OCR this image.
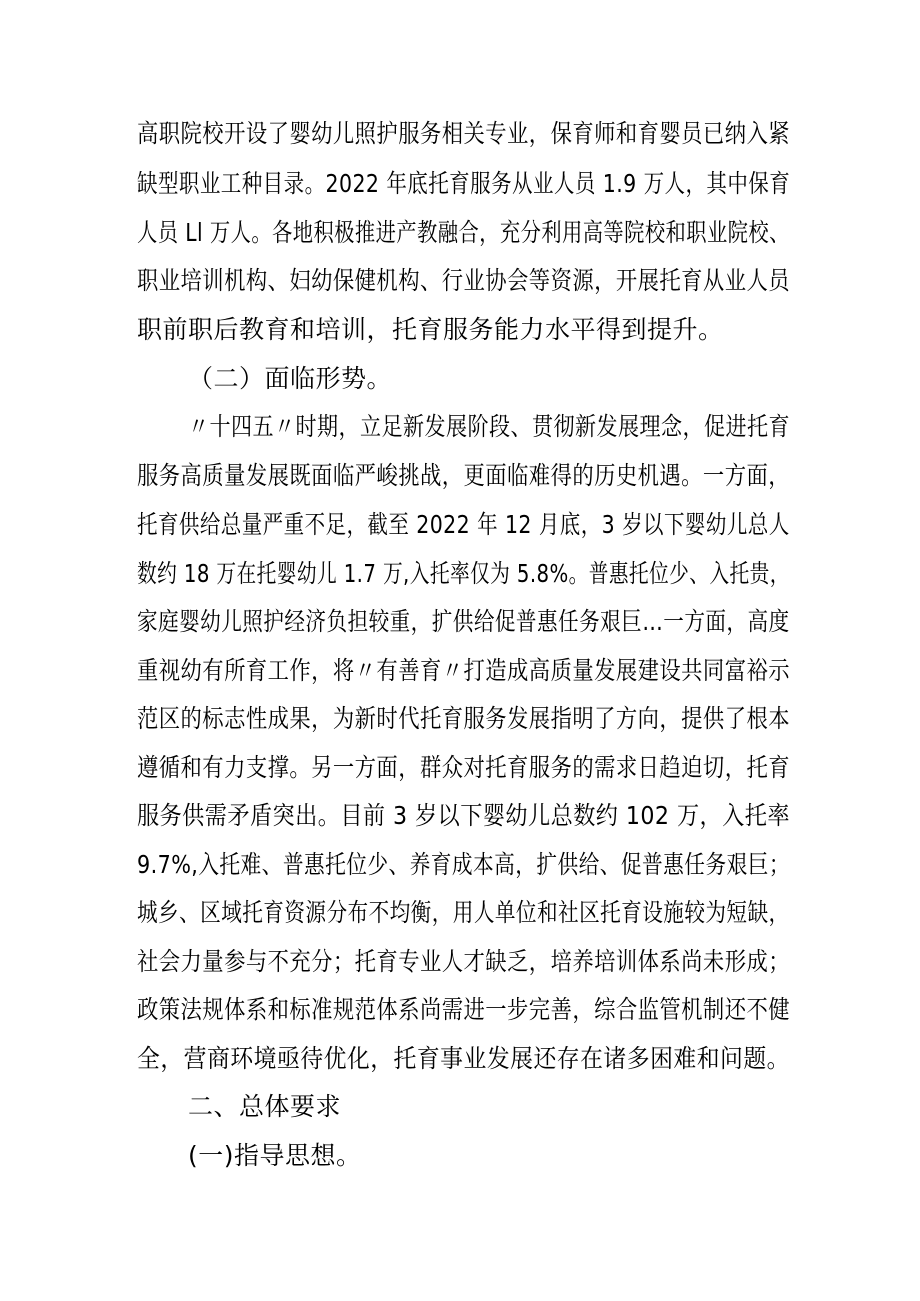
高职院校开设了婴幼儿照护服务相关专业，保育师和育婴员已纳入紧
缺型职业工种目录。2022 年底托育服务从业人员 1.9 万人，其中保育
人员 Ll 万人。各地积极推进产教融合，充分利用高等院校和职业院校、
职业培训机构、妇幼保健机构、行业协会等资源，开展托育从业人员
职前职后教育和培训，托育服务能力水平得到提升。
（二）面临形势。
〃十四五〃时期，立足新发展阶段、贯彻新发展理念，促进托育
服务高质量发展既面临严峻挑战，更面临难得的历史机遇。一方面，
托育供给总量严重不足，截至 2022 年 12 月底，3 岁以下婴幼儿总人
数约 18 万在托婴幼儿 1.7 万,入托率仅为 5.8%。普惠托位少、入托贵，
家庭婴幼儿照护经济负担较重，扩供给促普惠任务艰巨…一方面，高度
重视幼有所育工作，将〃有善育〃打造成高质量发展建设共同富裕示
范区的标志性成果，为新时代托育服务发展指明了方向，提供了根本
遵循和有力支撑。另一方面，群众对托育服务的需求日趋迫切，托育
服务供需矛盾突出。目前 3 岁以下婴幼儿总数约 102 万，入托率
9.7%,入托难、普惠托位少、养育成本高，扩供给、促普惠任务艰巨；
城乡、区域托育资源分布不均衡，用人单位和社区托育设施较为短缺，
社会力量参与不充分；托育专业人才缺乏，培养培训体系尚未形成；
政策法规体系和标准规范体系尚需进一步完善，综合监管机制还不健
全，营商环境亟待优化，托育事业发展还存在诸多困难和问题。
二、总体要求
(一)指导思想。
